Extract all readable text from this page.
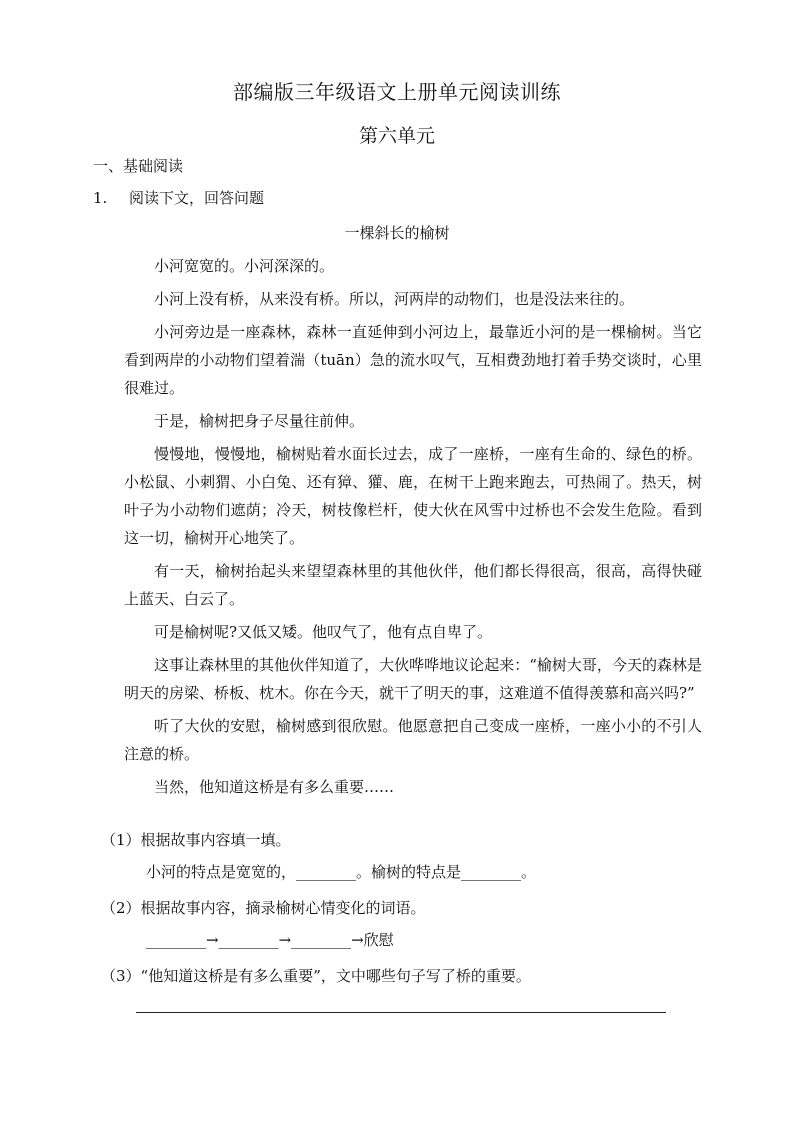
部编版三年级语文上册单元阅读训练
第六单元
一、基础阅读
1. 阅读下文，回答问题
一棵斜长的榆树

小河宽宽的。小河深深的。

小河上没有桥，从来没有桥。所以，河两岸的动物们，也是没法来往的。

小河旁边是一座森林，森林一直延伸到小河边上，最靠近小河的是一棵榆树。当它看到两岸的小动物们望着湍（tuān）急的流水叹气，互相费劲地打着手势交谈时，心里很难过。

于是，榆树把身子尽量往前伸。

慢慢地，慢慢地，榆树贴着水面长过去，成了一座桥，一座有生命的、绿色的桥。小松鼠、小刺猬、小白兔、还有獐、獾、鹿，在树干上跑来跑去，可热闹了。热天，树叶子为小动物们遮荫；冷天，树枝像栏杆，使大伙在风雪中过桥也不会发生危险。看到这一切，榆树开心地笑了。

有一天，榆树抬起头来望望森林里的其他伙伴，他们都长得很高，很高，高得快碰上蓝天、白云了。

可是榆树呢?又低又矮。他叹气了，他有点自卑了。

这事让森林里的其他伙伴知道了，大伙哗哗地议论起来：“榆树大哥，今天的森林是明天的房梁、桥板、枕木。你在今天，就干了明天的事，这难道不值得羡慕和高兴吗?”

听了大伙的安慰，榆树感到很欣慰。他愿意把自己变成一座桥，一座小小的不引人注意的桥。

当然，他知道这桥是有多么重要……

（1）根据故事内容填一填。
小河的特点是宽宽的，________。榆树的特点是________。
（2）根据故事内容，摘录榆树心情变化的词语。
________→________→________→欣慰
（3）“他知道这桥是有多么重要”，文中哪些句子写了桥的重要。
